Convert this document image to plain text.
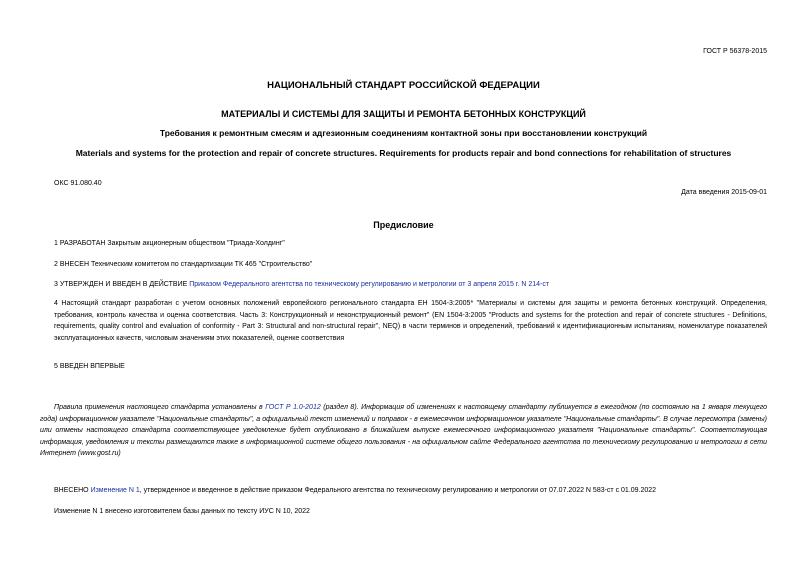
ГОСТ Р 56378-2015
НАЦИОНАЛЬНЫЙ СТАНДАРТ РОССИЙСКОЙ ФЕДЕРАЦИИ
МАТЕРИАЛЫ И СИСТЕМЫ ДЛЯ ЗАЩИТЫ И РЕМОНТА БЕТОННЫХ КОНСТРУКЦИЙ
Требования к ремонтным смесям и адгезионным соединениям контактной зоны при восстановлении конструкций
Materials and systems for the protection and repair of concrete structures. Requirements for products repair and bond connections for rehabilitation of structures
ОКС 91.080.40
Дата введения 2015-09-01
Предисловие

1 РАЗРАБОТАН Закрытым акционерным обществом "Триада-Холдинг"

2 ВНЕСЕН Техническим комитетом по стандартизации ТК 465 "Строительство"

3 УТВЕРЖДЕН И ВВЕДЕН В ДЕЙСТВИЕ Приказом Федерального агентства по техническому регулированию и метрологии от 3 апреля 2015 г. N 214-ст

4 Настоящий стандарт разработан с учетом основных положений европейского регионального стандарта ЕН 1504-3:2005* "Материалы и системы для защиты и ремонта бетонных конструкций. Определения, требования, контроль качества и оценка соответствия. Часть 3: Конструкционный и неконструкционный ремонт" (EN 1504-3:2005 "Products and systems for the protection and repair of concrete structures - Definitions, requirements, quality control and evaluation of conformity - Part 3: Structural and non-structural repair", NEQ) в части терминов и определений, требований к идентификационным испытаниям, номенклатуре показателей эксплуатационных качеств, числовым значениям этих показателей, оценке соответствия

5 ВВЕДЕН ВПЕРВЫЕ

Правила применения настоящего стандарта установлены в ГОСТ Р 1.0-2012 (раздел 8). Информация об изменениях к настоящему стандарту публикуется в ежегодном (по состоянию на 1 января текущего года) информационном указателе "Национальные стандарты", а официальный текст изменений и поправок - в ежемесячном информационном указателе "Национальные стандарты". В случае пересмотра (замены) или отмены настоящего стандарта соответствующее уведомление будет опубликовано в ближайшем выпуске ежемесячного информационного указателя "Национальные стандарты". Соответствующая информация, уведомления и тексты размещаются также в информационной системе общего пользования - на официальном сайте Федерального агентства по техническому регулированию и метрологии в сети Интернет (www.gost.ru)

ВНЕСЕНО Изменение N 1, утвержденное и введенное в действие приказом Федерального агентства по техническому регулированию и метрологии от 07.07.2022 N 583-ст с 01.09.2022

Изменение N 1 внесено изготовителем базы данных по тексту ИУС N 10, 2022
